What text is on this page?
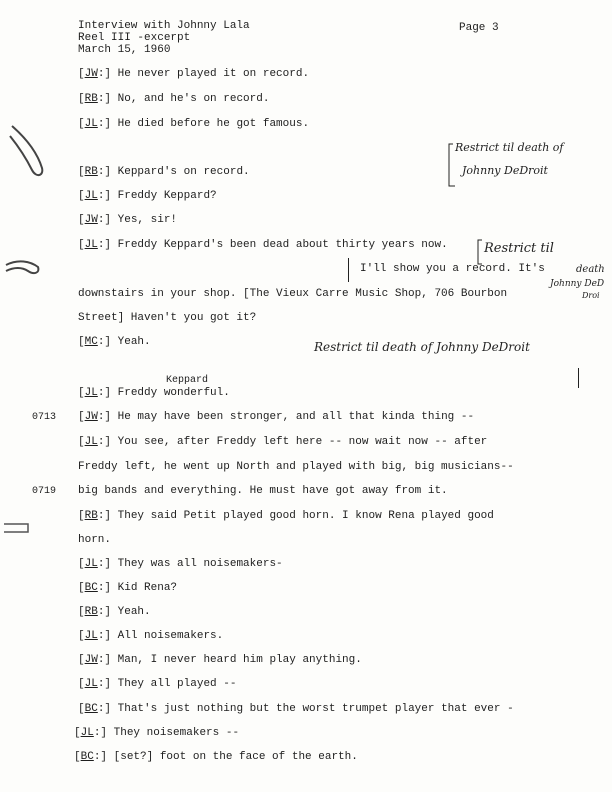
Interview with Johnny Lala
Reel III -excerpt
March 15, 1960
Page 3
[JW:] He never played it on record.
[RB:] No, and he's on record.
[JL:] He died before he got famous.
[RB:] Keppard's on record.
[JL:] Freddy Keppard?
[JW:] Yes, sir!
[JL:] Freddy Keppard's been dead about thirty years now.
I'll show you a record. It's
downstairs in your shop. [The Vieux Carre Music Shop, 706 Bourbon
Street] Haven't you got it?
[MC:] Yeah.
Keppard
[JL:] Freddy wonderful.
0713 [JW:] He may have been stronger, and all that kinda thing --
[JL:] You see, after Freddy left here -- now wait now -- after
Freddy left, he went up North and played with big, big musicians--
0719 big bands and everything. He must have got away from it.
[RB:] They said Petit played good horn. I know Rena played good
horn.
[JL:] They was all noisemakers-
[BC:] Kid Rena?
[RB:] Yeah.
[JL:] All noisemakers.
[JW:] Man, I never heard him play anything.
[JL:] They all played --
[BC:] That's just nothing but the worst trumpet player that ever -
[JL:] They noisemakers --
[BC:] [set?] foot on the face of the earth.
Restrict til death of
Johnny DeDroit
Restrict til
death
Johnny DeD
Droi
Restrict til death of Johnny DeDroit
